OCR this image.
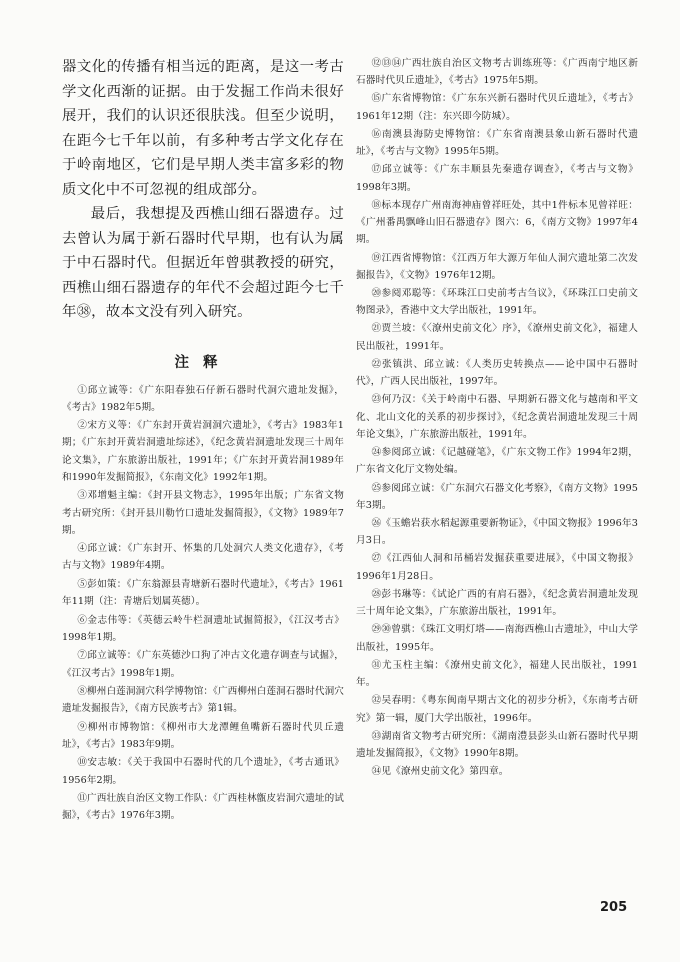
器文化的传播有相当远的距离，是这一考古学文化西渐的证据。由于发掘工作尚未很好展开，我们的认识还很肤浅。但至少说明，在距今七千年以前，有多种考古学文化存在于岭南地区，它们是早期人类丰富多彩的物质文化中不可忽视的组成部分。

最后，我想提及西樵山细石器遗存。过去曾认为属于新石器时代早期，也有认为属于中石器时代。但据近年曾骐教授的研究，西樵山细石器遗存的年代不会超过距今七千年㊳，故本文没有列入研究。

注释

①邱立诚等：《广东阳春独石仔新石器时代洞穴遗址发掘》，《考古》1982年5期。

②宋方义等：《广东封开黄岩洞洞穴遗址》，《考古》1983年1期；《广东封开黄岩洞遗址综述》，《纪念黄岩洞遗址发现三十周年论文集》，广东旅游出版社，1991年；《广东封开黄岩洞1989年和1990年发掘简报》，《东南文化》1992年1期。

③邓增魁主编：《封开县文物志》，1995年出版；广东省文物考古研究所：《封开县川勒竹口遗址发掘简报》，《文物》1989年7期。

④邱立诚：《广东封开、怀集的几处洞穴人类文化遗存》，《考古与文物》1989年4期。

⑤彭如策：《广东翁源县青塘新石器时代遗址》，《考古》1961年11期（注：青塘后划属英德）。

⑥金志伟等：《英德云岭牛栏洞遗址试掘简报》，《江汉考古》1998年1期。

⑦邱立诚等：《广东英德沙口狗了冲古文化遗存调查与试掘》，《江汉考古》1998年1期。

⑧柳州白莲洞洞穴科学博物馆：《广西柳州白莲洞石器时代洞穴遗址发掘报告》，《南方民族考古》第1辑。

⑨柳州市博物馆：《柳州市大龙潭鲤鱼嘴新石器时代贝丘遗址》，《考古》1983年9期。

⑩安志敏：《关于我国中石器时代的几个遗址》，《考古通讯》1956年2期。

⑪广西壮族自治区文物工作队：《广西桂林甑皮岩洞穴遗址的试掘》，《考古》1976年3期。

⑫⑬⑭广西壮族自治区文物考古训练班等：《广西南宁地区新石器时代贝丘遗址》，《考古》1975年5期。

⑮广东省博物馆：《广东东兴新石器时代贝丘遗址》，《考古》1961年12期（注：东兴即今防城）。

⑯南澳县海防史博物馆：《广东省南澳县象山新石器时代遗址》，《考古与文物》1995年5期。

⑰邱立诚等：《广东丰顺县先秦遗存调查》，《考古与文物》1998年3期。

⑱标本现存广州南海神庙曾祥旺处，其中1件标本见曾祥旺：《广州番禺飘峰山旧石器遗存》图六：6，《南方文物》1997年4期。

⑲江西省博物馆：《江西万年大源万年仙人洞穴遗址第二次发掘报告》，《文物》1976年12期。

⑳参阅邓聪等：《环珠江口史前考古刍议》，《环珠江口史前文物图录》，香港中文大学出版社，1991年。

㉑贾兰坡：《〈潦州史前文化〉序》，《潦州史前文化》，福建人民出版社，1991年。

㉒张镇洪、邱立诚：《人类历史转换点——论中国中石器时代》，广西人民出版社，1997年。

㉓何乃汉：《关于岭南中石器、早期新石器文化与越南和平文化、北山文化的关系的初步探讨》，《纪念黄岩洞遗址发现三十周年论文集》，广东旅游出版社，1991年。

㉔参阅邱立诚：《记越碰笔》，《广东文物工作》1994年2期，广东省文化厅文物处编。

㉕参阅邱立诚：《广东洞穴石器文化考察》，《南方文物》1995年3期。

㉖《玉蟾岩获水稻起源重要新物证》，《中国文物报》1996年3月3日。

㉗《江西仙人洞和吊桶岩发掘获重要进展》，《中国文物报》1996年1月28日。

㉘彭书琳等：《试论广西的有肩石器》，《纪念黄岩洞遗址发现三十周年论文集》，广东旅游出版社，1991年。

㉙㉚曾骐：《珠江文明灯塔——南海西樵山古遗址》，中山大学出版社，1995年。

㉛尤玉柱主编：《潦州史前文化》，福建人民出版社，1991年。

㉜吴春明：《粤东闽南早期古文化的初步分析》，《东南考古研究》第一辑，厦门大学出版社，1996年。

㉝湖南省文物考古研究所：《湖南澧县彭头山新石器时代早期遗址发掘简报》，《文物》1990年8期。

㉞见《潦州史前文化》第四章。

205
